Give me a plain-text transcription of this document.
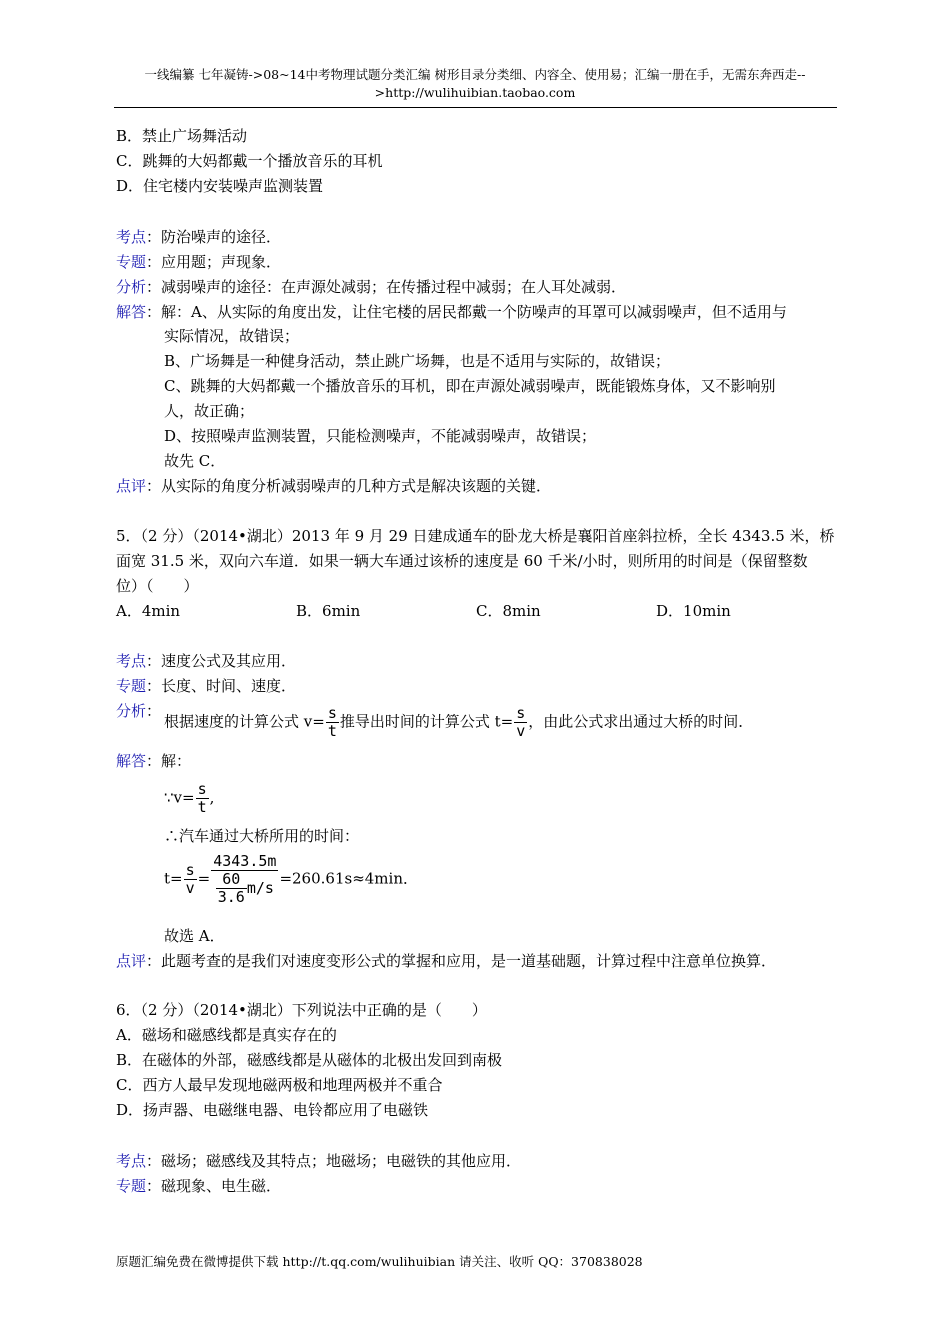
一线编纂 七年凝铸->08~14中考物理试题分类汇编 树形目录分类细、内容全、使用易；汇编一册在手，无需东奔西走--
>http://wulihuibian.taobao.com
B．禁止广场舞活动
C．跳舞的大妈都戴一个播放音乐的耳机
D．住宅楼内安装噪声监测装置
考点：防治噪声的途径．
专题：应用题；声现象．
分析：减弱噪声的途径：在声源处减弱；在传播过程中减弱；在人耳处减弱．
解答：解：A、从实际的角度出发，让住宅楼的居民都戴一个防噪声的耳罩可以减弱噪声，但不适用与
实际情况，故错误；
B、广场舞是一种健身活动，禁止跳广场舞，也是不适用与实际的，故错误；
C、跳舞的大妈都戴一个播放音乐的耳机，即在声源处减弱噪声，既能锻炼身体，又不影响别
人，故正确；
D、按照噪声监测装置，只能检测噪声，不能减弱噪声，故错误；
故先 C．
点评：从实际的角度分析减弱噪声的几种方式是解决该题的关键．
5．（2 分）（2014•湖北）2013 年 9 月 29 日建成通车的卧龙大桥是襄阳首座斜拉桥，全长 4343.5 米，桥
面宽 31.5 米，双向六车道．如果一辆大车通过该桥的速度是 60 千米/小时，则所用的时间是（保留整数
位）（　　）
A．4min	B．6min	C．8min	D．10min
考点：速度公式及其应用．
专题：长度、时间、速度．
分析：
根据速度的计算公式 $v= \frac{s}{t}$ 推导出时间的计算公式 $t= \frac{s}{v}$ ，由此公式求出通过大桥的时间．
解答：解：
∵v= $\frac{s}{t}$ ,
∴汽车通过大桥所用的时间：
$t= \frac{s}{v} = \frac{4343.5m}{\frac{60}{3.6} m/s} =260.61s\approx 4\min$．
故选 A．
点评：此题考查的是我们对速度变形公式的掌握和应用，是一道基础题，计算过程中注意单位换算．
6．（2 分）（2014•湖北）下列说法中正确的是（　　）
A．磁场和磁感线都是真实存在的
B．在磁体的外部，磁感线都是从磁体的北极出发回到南极
C．西方人最早发现地磁两极和地理两极并不重合
D．扬声器、电磁继电器、电铃都应用了电磁铁
考点：磁场；磁感线及其特点；地磁场；电磁铁的其他应用．
专题：磁现象、电生磁．
原题汇编免费在微博提供下载 http://t.qq.com/wulihuibian 请关注、收听 QQ：370838028
